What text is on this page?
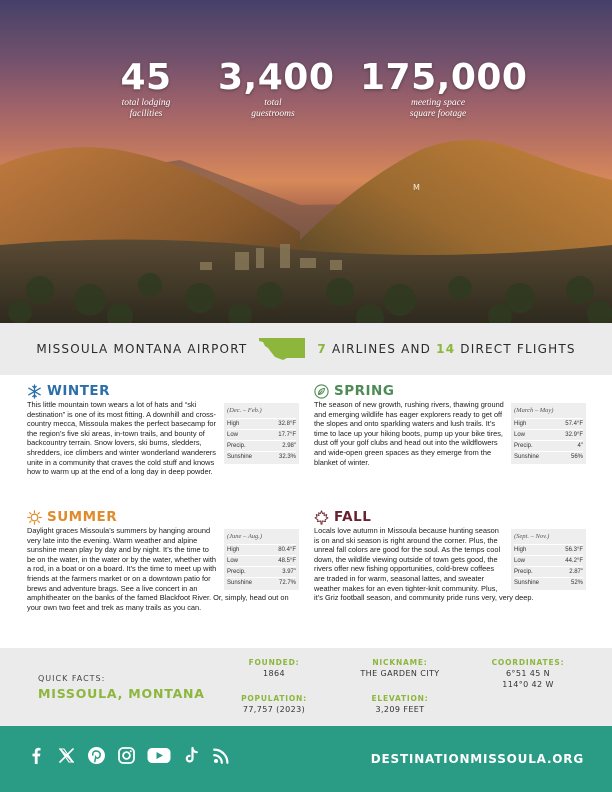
M
45
total lodging
facilities
3,400
total
guestrooms
175,000
meeting space
square footage
MISSOULA MONTANA AIRPORT	7 AIRLINES AND 14 DIRECT FLIGHTS
WINTER

(Dec. – Feb.)
High	32.8°F
Low	17.7°F
Precip.	2.98"
Sunshine	32.3%
This little mountain town wears a lot of hats and “ski destination” is one of its most fitting. A downhill and cross-country mecca, Missoula makes the perfect basecamp for the region’s five ski areas, in-town trails, and bounty of backcountry terrain. Snow lovers, ski bums, sledders, shredders, ice climbers and winter wonderland wanderers unite in a community that craves the cold stuff and knows how to warm up at the end of a long day in deep powder.

SPRING

(March – May)
High	57.4°F
Low	32.9°F
Precip.	4"
Sunshine	56%
The season of new growth, rushing rivers, thawing ground and emerging wildlife has eager explorers ready to get off the slopes and onto sparkling waters and lush trails. It’s time to lace up your hiking boots, pump up your bike tires, dust off your golf clubs and head out into the wildflowers and wide-open green spaces as they emerge from the blanket of winter.

SUMMER

(June – Aug.)
High	80.4°F
Low	48.5°F
Precip.	3.97"
Sunshine	72.7%
Daylight graces Missoula’s summers by hanging around very late into the evening. Warm weather and alpine sunshine mean play by day and by night. It’s the time to be on the water, in the water or by the water, whether with a rod, in a boat or on a board. It’s the time to meet up with friends at the farmers market or on a downtown patio for brews and adventure brags. See a live concert in an amphitheater on the banks of the famed Blackfoot River. Or, simply, head out on your own two feet and trek as many trails as you can.

FALL

(Sept. – Nov.)
High	56.3°F
Low	44.2°F
Precip.	2.87"
Sunshine	52%
Locals love autumn in Missoula because hunting season is on and ski season is right around the corner. Plus, the unreal fall colors are good for the soul. As the temps cool down, the wildlife viewing outside of town gets good, the rivers offer new fishing opportunities, cold-brew coffees are traded in for warm, seasonal lattes, and sweater weather makes for an even tighter-knit community. Plus, it’s Griz football season, and community pride runs very, very deep.

QUICK FACTS:
MISSOULA, MONTANA
FOUNDED:
1864
POPULATION:
77,757 (2023)
NICKNAME:
THE GARDEN CITY
ELEVATION:
3,209 FEET
COORDINATES:
6°51 45 N
114°0 42 W
DESTINATIONMISSOULA.ORG
